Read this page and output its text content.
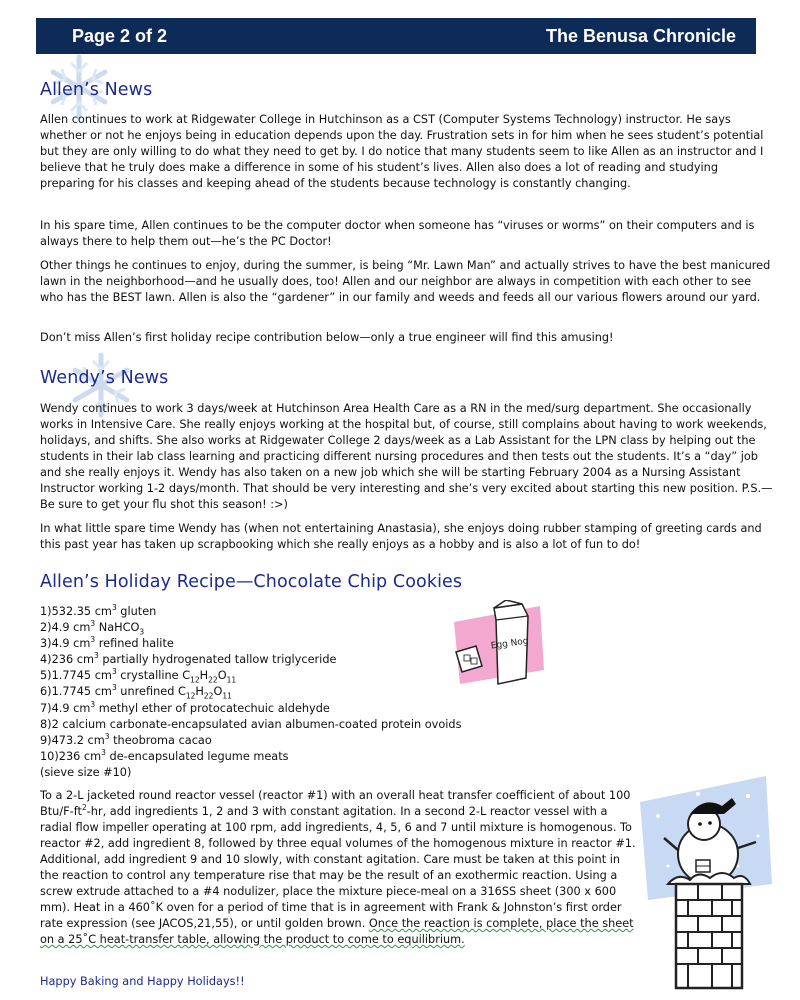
Page 2 of 2	The Benusa Chronicle
Allen’s News

Allen continues to work at Ridgewater College in Hutchinson as a CST (Computer Systems Technology) instructor. He says whether or not he enjoys being in education depends upon the day. Frustration sets in for him when he sees student’s potential but they are only willing to do what they need to get by. I do notice that many students seem to like Allen as an instructor and I believe that he truly does make a difference in some of his student’s lives. Allen also does a lot of reading and studying preparing for his classes and keeping ahead of the students because technology is constantly changing.

In his spare time, Allen continues to be the computer doctor when someone has “viruses or worms” on their computers and is always there to help them out—he’s the PC Doctor!

Other things he continues to enjoy, during the summer, is being “Mr. Lawn Man” and actually strives to have the best manicured lawn in the neighborhood—and he usually does, too! Allen and our neighbor are always in competition with each other to see who has the BEST lawn. Allen is also the “gardener” in our family and weeds and feeds all our various flowers around our yard.

Don’t miss Allen’s first holiday recipe contribution below—only a true engineer will find this amusing!

Wendy’s News

Wendy continues to work 3 days/week at Hutchinson Area Health Care as a RN in the med/surg department. She occasionally works in Intensive Care. She really enjoys working at the hospital but, of course, still complains about having to work weekends, holidays, and shifts. She also works at Ridgewater College 2 days/week as a Lab Assistant for the LPN class by helping out the students in their lab class learning and practicing different nursing procedures and then tests out the students. It’s a “day” job and she really enjoys it. Wendy has also taken on a new job which she will be starting February 2004 as a Nursing Assistant Instructor working 1-2 days/month. That should be very interesting and she’s very excited about starting this new position. P.S.—Be sure to get your flu shot this season! :>)

In what little spare time Wendy has (when not entertaining Anastasia), she enjoys doing rubber stamping of greeting cards and this past year has taken up scrapbooking which she really enjoys as a hobby and is also a lot of fun to do!

Allen’s Holiday Recipe—Chocolate Chip Cookies
1)532.35 $cm^3$ gluten
2)4.9 $cm^3$ NaHCO$_3$
3)4.9 $cm^3$ refined halite
4)236 $cm^3$ partially hydrogenated tallow triglyceride
5)1.7745 $cm^3$ crystalline $C_{12}H_{22}O_{11}$
6)1.7745 $cm^3$ unrefined $C_{12}H_{22}O_{11}$
7)4.9 $cm^3$ methyl ether of protocatechuic aldehyde
8)2 calcium carbonate-encapsulated avian albumen-coated protein ovoids
9)473.2 $cm^3$ theobroma cacao
10)236 $cm^3$ de-encapsulated legume meats
(sieve size #10)
Egg Nog

To a 2-L jacketed round reactor vessel (reactor #1) with an overall heat transfer coefficient of about 100 Btu/$F-ft^2-hr$, add ingredients 1, 2 and 3 with constant agitation. In a second 2-L reactor vessel with a radial flow impeller operating at 100 rpm, add ingredients, 4, 5, 6 and 7 until mixture is homogenous. To reactor #2, add ingredient 8, followed by three equal volumes of the homogenous mixture in reactor #1. Additional, add ingredient 9 and 10 slowly, with constant agitation. Care must be taken at this point in the reaction to control any temperature rise that may be the result of an exothermic reaction. Using a screw extrude attached to a #4 nodulizer, place the mixture piece-meal on a 316SS sheet (300 x 600 mm). Heat in a 460˚K oven for a period of time that is in agreement with Frank & Johnston’s first order rate expression (see JACOS,21,55), or until golden brown. Once the reaction is complete, place the sheet on a 25˚C heat-transfer table, allowing the product to come to equilibrium.

Happy Baking and Happy Holidays!!
